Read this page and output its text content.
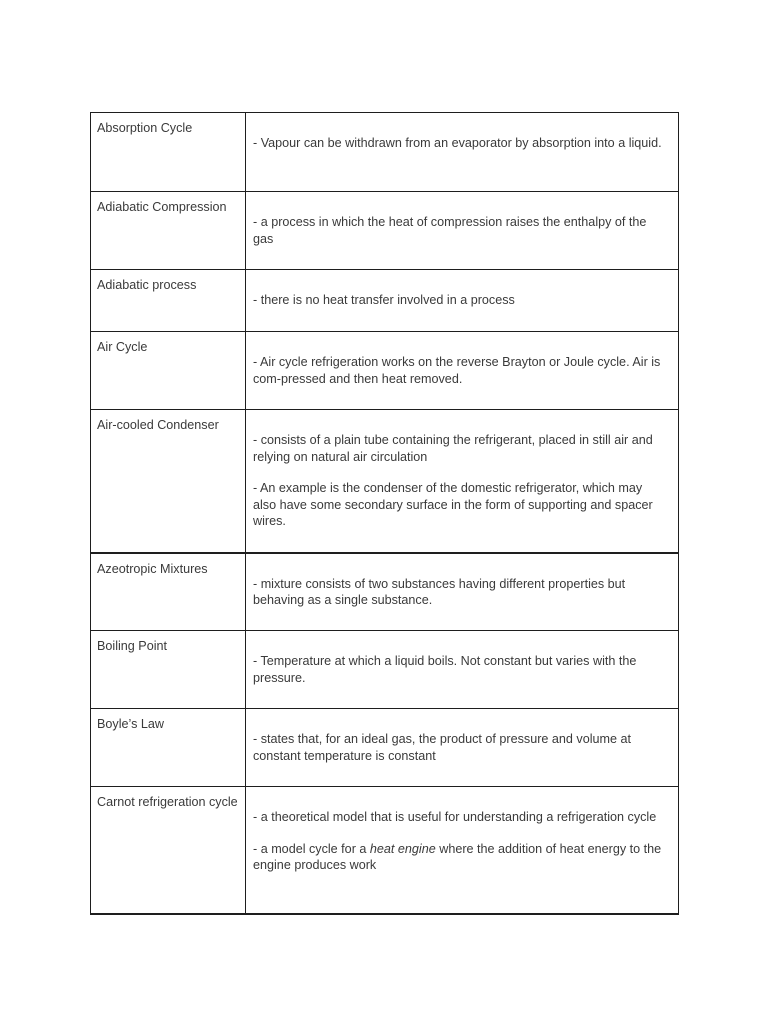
Absorption Cycle	- Vapour can be withdrawn from an evaporator by absorption into a liquid.

Adiabatic Compression	- a process in which the heat of compression raises the enthalpy of the gas

Adiabatic process	- there is no heat transfer involved in a process

Air Cycle	- Air cycle refrigeration works on the reverse Brayton or Joule cycle. Air is com-pressed and then heat removed.

Air-cooled Condenser	- consists of a plain tube containing the refrigerant, placed in still air and relying on natural air circulation

- An example is the condenser of the domestic refrigerator, which may also have some secondary surface in the form of supporting and spacer wires.

Azeotropic Mixtures	- mixture consists of two substances having different properties but behaving as a single substance.

Boiling Point	- Temperature at which a liquid boils. Not constant but varies with the pressure.

Boyle’s Law	- states that, for an ideal gas, the product of pressure and volume at constant temperature is constant

Carnot refrigeration cycle	- a theoretical model that is useful for understanding a refrigeration cycle

- a model cycle for a heat engine where the addition of heat energy to the engine produces work
